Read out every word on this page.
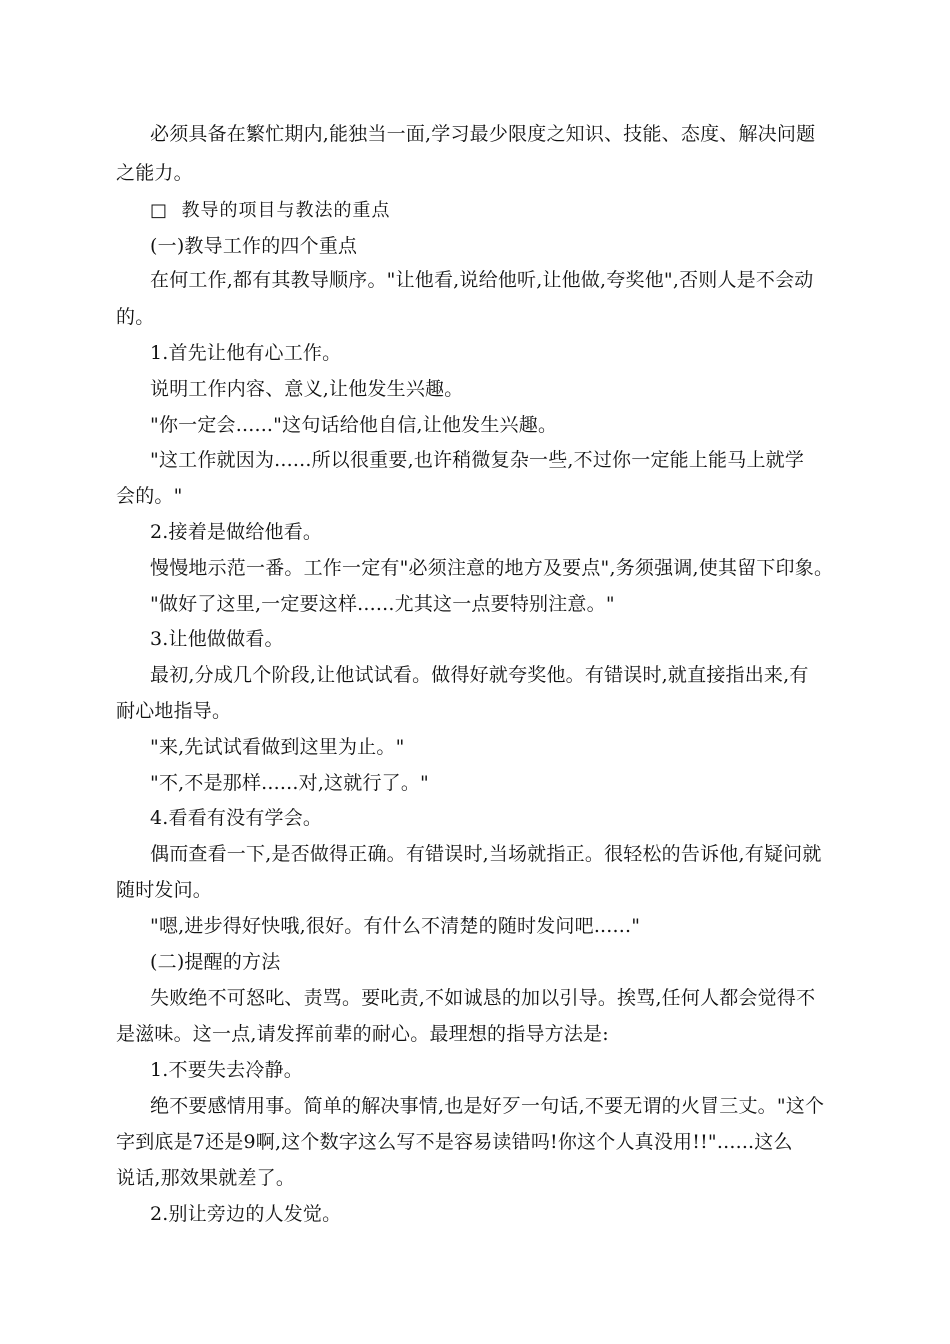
必须具备在繁忙期内,能独当一面,学习最少限度之知识、技能、态度、解决问题
之能力。
□  教导的项目与教法的重点
(一)教导工作的四个重点
在何工作,都有其教导顺序。"让他看,说给他听,让他做,夸奖他",否则人是不会动
的。
1.首先让他有心工作。
说明工作内容、意义,让他发生兴趣。
"你一定会......"这句话给他自信,让他发生兴趣。
"这工作就因为......所以很重要,也许稍微复杂一些,不过你一定能上能马上就学
会的。"
2.接着是做给他看。
慢慢地示范一番。工作一定有"必须注意的地方及要点",务须强调,使其留下印象。
"做好了这里,一定要这样......尤其这一点要特别注意。"
3.让他做做看。
最初,分成几个阶段,让他试试看。做得好就夸奖他。有错误时,就直接指出来,有
耐心地指导。
"来,先试试看做到这里为止。"
"不,不是那样......对,这就行了。"
4.看看有没有学会。
偶而查看一下,是否做得正确。有错误时,当场就指正。很轻松的告诉他,有疑问就
随时发问。
"嗯,进步得好快哦,很好。有什么不清楚的随时发问吧......"
(二)提醒的方法
失败绝不可怒叱、责骂。要叱责,不如诚恳的加以引导。挨骂,任何人都会觉得不
是滋味。这一点,请发挥前辈的耐心。最理想的指导方法是:
1.不要失去冷静。
绝不要感情用事。简单的解决事情,也是好歹一句话,不要无谓的火冒三丈。"这个
字到底是7还是9啊,这个数字这么写不是容易读错吗!你这个人真没用!!"......这么
说话,那效果就差了。
2.别让旁边的人发觉。
